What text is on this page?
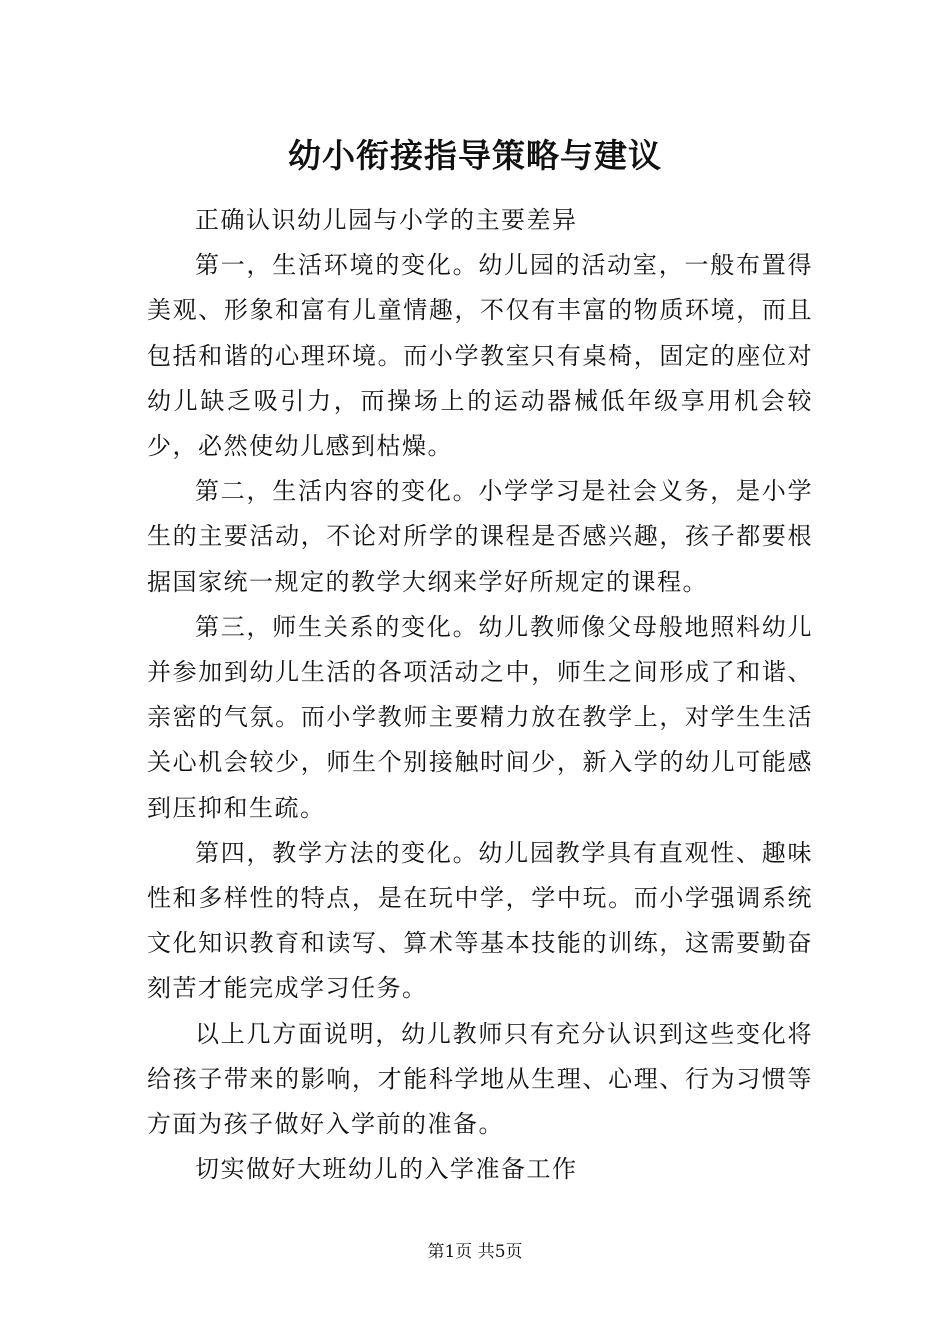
幼小衔接指导策略与建议

正确认识幼儿园与小学的主要差异

第一，生活环境的变化。幼儿园的活动室，一般布置得美观、形象和富有儿童情趣，不仅有丰富的物质环境，而且包括和谐的心理环境。而小学教室只有桌椅，固定的座位对幼儿缺乏吸引力，而操场上的运动器械低年级享用机会较少，必然使幼儿感到枯燥。

第二，生活内容的变化。小学学习是社会义务，是小学生的主要活动，不论对所学的课程是否感兴趣，孩子都要根据国家统一规定的教学大纲来学好所规定的课程。

第三，师生关系的变化。幼儿教师像父母般地照料幼儿并参加到幼儿生活的各项活动之中，师生之间形成了和谐、亲密的气氛。而小学教师主要精力放在教学上，对学生生活关心机会较少，师生个别接触时间少，新入学的幼儿可能感到压抑和生疏。

第四，教学方法的变化。幼儿园教学具有直观性、趣味性和多样性的特点，是在玩中学，学中玩。而小学强调系统文化知识教育和读写、算术等基本技能的训练，这需要勤奋刻苦才能完成学习任务。

以上几方面说明，幼儿教师只有充分认识到这些变化将给孩子带来的影响，才能科学地从生理、心理、行为习惯等方面为孩子做好入学前的准备。

切实做好大班幼儿的入学准备工作

第1页 共5页
